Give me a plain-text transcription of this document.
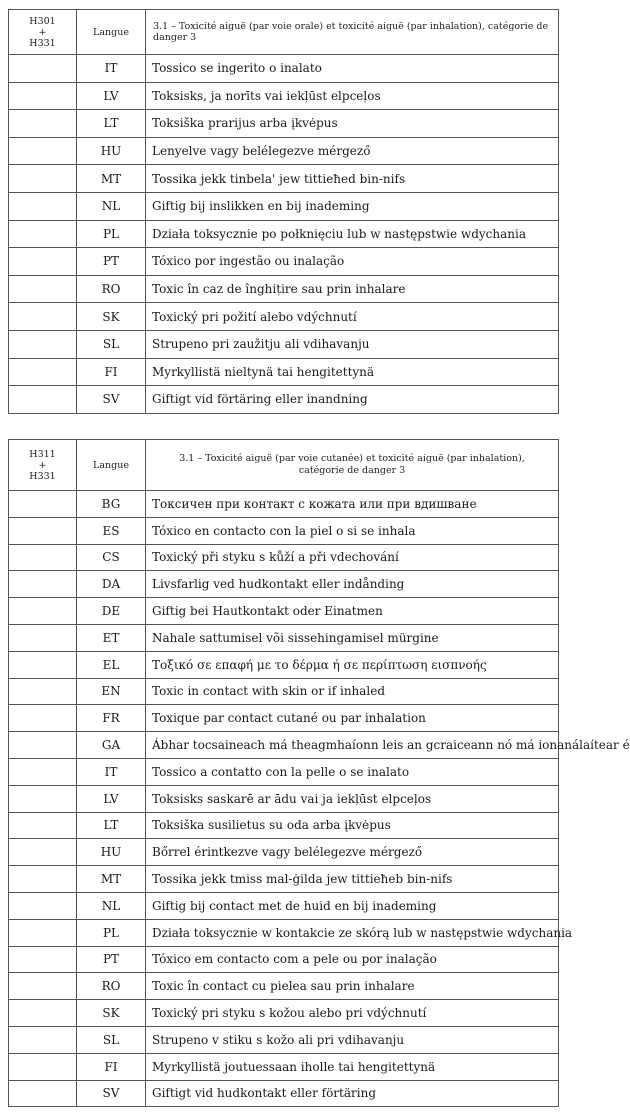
H301
+
H331	Langue	3.1 – Toxicité aiguë (par voie orale) et toxicité aiguë (par inhalation), catégorie de danger 3
	IT	Tossico se ingerito o inalato
	LV	Toksisks, ja norīts vai iekļūst elpceļos
	LT	Toksiška prarijus arba įkvėpus
	HU	Lenyelve vagy belélegezve mérgező
	MT	Tossika jekk tinbela' jew tittieħed bin-nifs
	NL	Giftig bij inslikken en bij inademing
	PL	Działa toksycznie po połknięciu lub w następstwie wdychania
	PT	Tóxico por ingestão ou inalação
	RO	Toxic în caz de înghițire sau prin inhalare
	SK	Toxický pri požití alebo vdýchnutí
	SL	Strupeno pri zaužitju ali vdihavanju
	FI	Myrkyllistä nieltynä tai hengitettynä
	SV	Giftigt vid förtäring eller inandning
H311
+
H331	Langue	3.1 – Toxicité aiguë (par voie cutanée) et toxicité aiguë (par inhalation),
catégorie de danger 3
	BG	Токсичен при контакт с кожата или при вдишване
	ES	Tóxico en contacto con la piel o si se inhala
	CS	Toxický při styku s kůží a při vdechování
	DA	Livsfarlig ved hudkontakt eller indånding
	DE	Giftig bei Hautkontakt oder Einatmen
	ET	Nahale sattumisel või sissehingamisel mürgine
	EL	Τοξικό σε επαφή με το δέρμα ή σε περίπτωση εισπνοής
	EN	Toxic in contact with skin or if inhaled
	FR	Toxique par contact cutané ou par inhalation
	GA	Ábhar tocsaineach má theagmhaíonn leis an gcraiceann nó má ionanálaítear é
	IT	Tossico a contatto con la pelle o se inalato
	LV	Toksisks saskarē ar ādu vai ja iekļūst elpceļos
	LT	Toksiška susilietus su oda arba įkvėpus
	HU	Bőrrel érintkezve vagy belélegezve mérgező
	MT	Tossika jekk tmiss mal-ġilda jew tittieħeb bin-nifs
	NL	Giftig bij contact met de huid en bij inademing
	PL	Działa toksycznie w kontakcie ze skórą lub w następstwie wdychania
	PT	Tóxico em contacto com a pele ou por inalação
	RO	Toxic în contact cu pielea sau prin inhalare
	SK	Toxický pri styku s kožou alebo pri vdýchnutí
	SL	Strupeno v stiku s kožo ali pri vdihavanju
	FI	Myrkyllistä joutuessaan iholle tai hengitettynä
	SV	Giftigt vid hudkontakt eller förtäring
